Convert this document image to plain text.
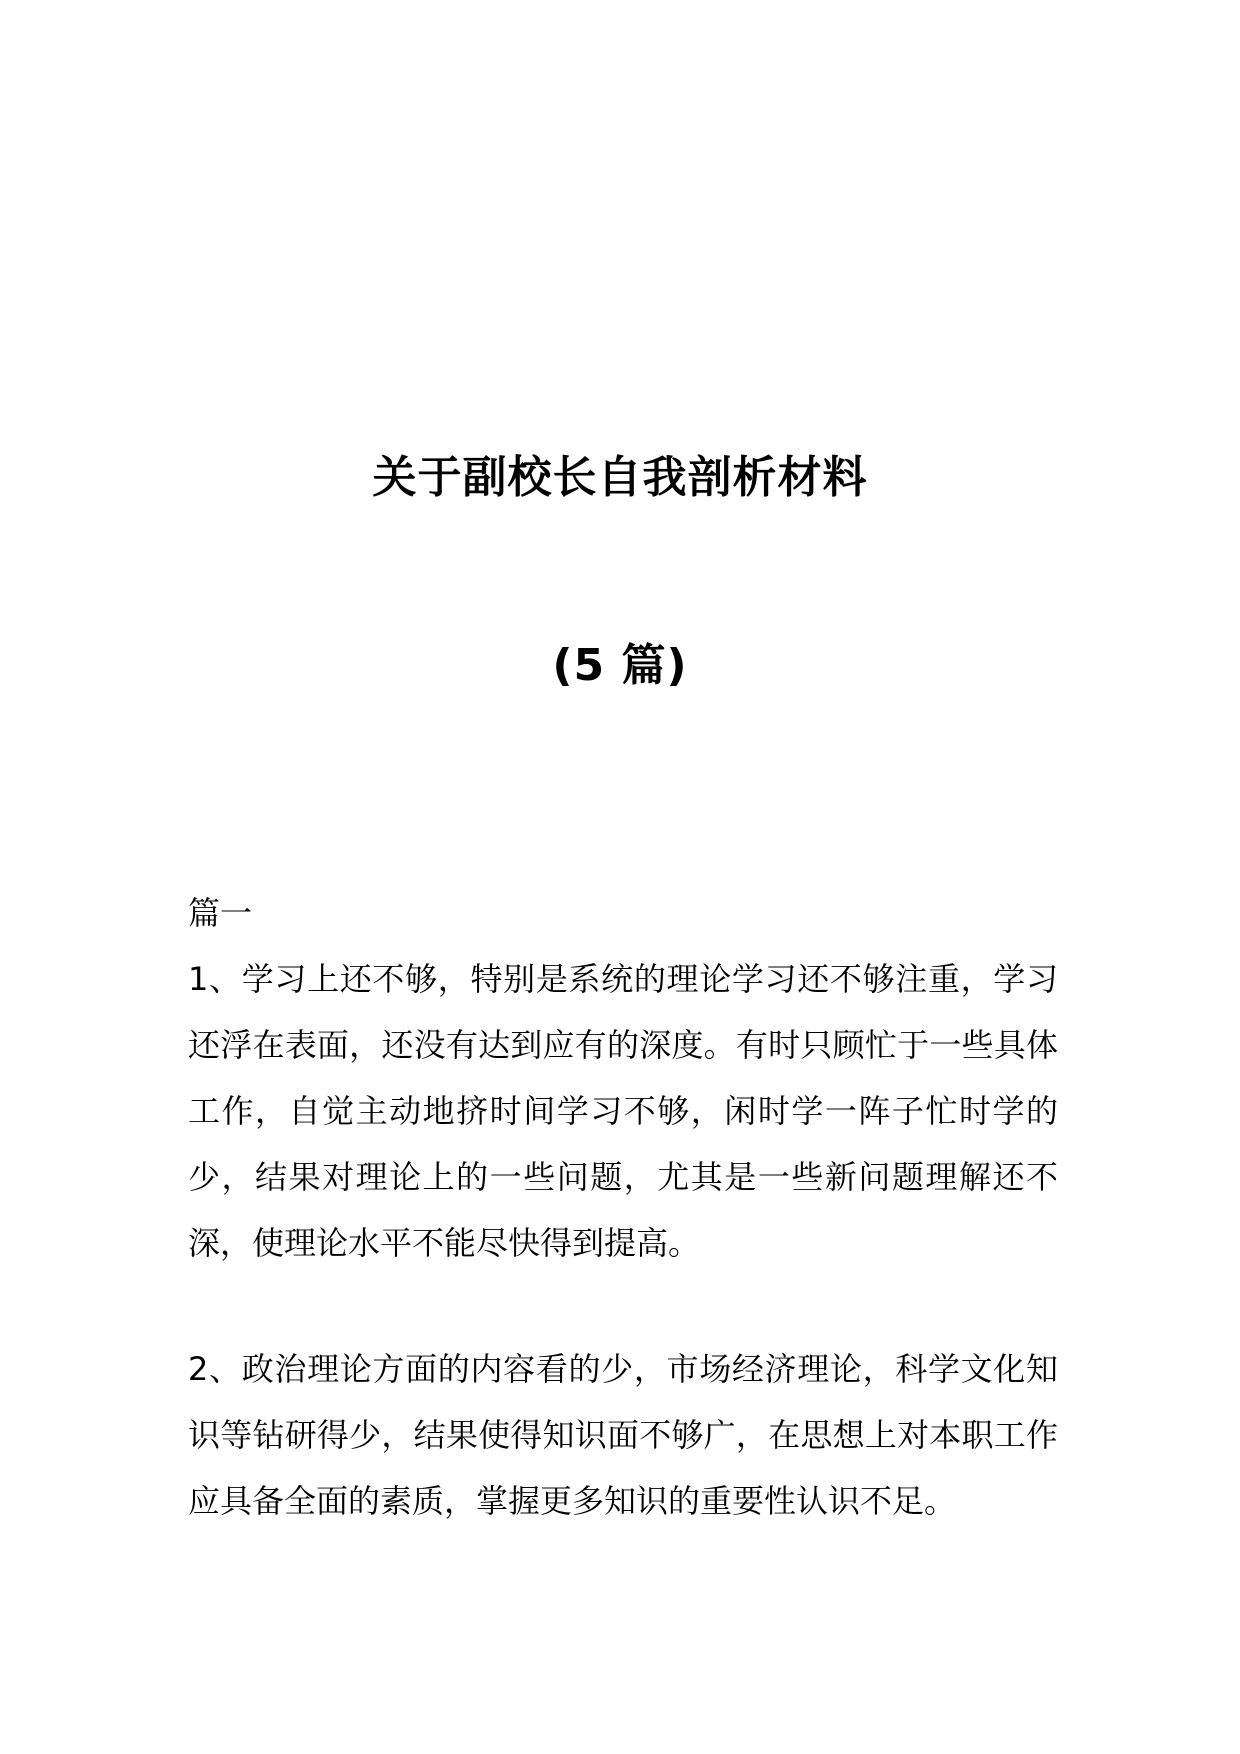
关于副校长自我剖析材料
(5 篇)
篇一

1、学习上还不够，特别是系统的理论学习还不够注重，学习还浮在表面，还没有达到应有的深度。有时只顾忙于一些具体工作，自觉主动地挤时间学习不够，闲时学一阵子忙时学的少，结果对理论上的一些问题，尤其是一些新问题理解还不深，使理论水平不能尽快得到提高。

2、政治理论方面的内容看的少，市场经济理论，科学文化知识等钻研得少，结果使得知识面不够广，在思想上对本职工作应具备全面的素质，掌握更多知识的重要性认识不足。
